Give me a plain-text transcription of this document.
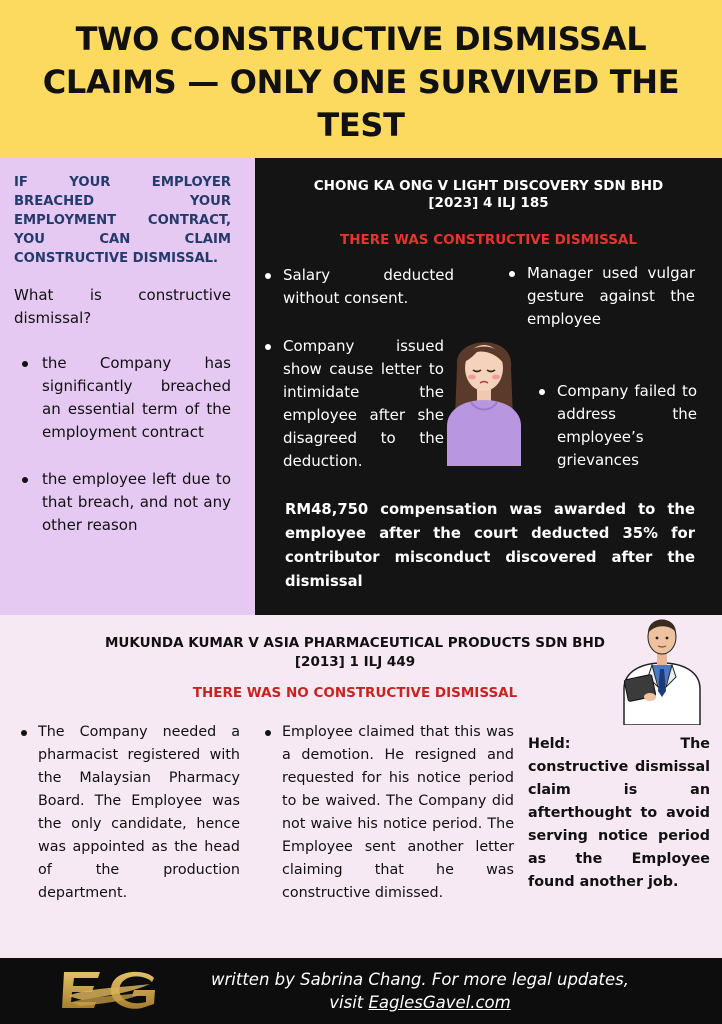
TWO CONSTRUCTIVE DISMISSAL CLAIMS — ONLY ONE SURVIVED THE TEST

IF YOUR EMPLOYER BREACHED YOUR EMPLOYMENT CONTRACT, YOU CAN CLAIM CONSTRUCTIVE DISMISSAL.

What is constructive dismissal?

the Company has significantly breached an essential term of the employment contract
the employee left due to that breach, and not any other reason
CHONG KA ONG V LIGHT DISCOVERY SDN BHD
[2023] 4 ILJ 185
THERE WAS CONSTRUCTIVE DISMISSAL
Salary deducted without consent.
Company issued show cause letter to intimidate the employee after she disagreed to the deduction.
Manager used vulgar gesture against the employee
Company failed to address the employee’s grievances

RM48,750 compensation was awarded to the employee after the court deducted 35% for contributor misconduct discovered after the dismissal

MUKUNDA KUMAR V ASIA PHARMACEUTICAL PRODUCTS SDN BHD
[2013] 1 ILJ 449
THERE WAS NO CONSTRUCTIVE DISMISSAL
The Company needed a pharmacist registered with the Malaysian Pharmacy Board. The Employee was the only candidate, hence was appointed as the head of the production department.
Employee claimed that this was a demotion. He resigned and requested for his notice period to be waived. The Company did not waive his notice period. The Employee sent another letter claiming that he was constructive dimissed.

Held: The constructive dismissal claim is an afterthought to avoid serving notice period as the Employee found another job.

written by Sabrina Chang. For more legal updates,
visit EaglesGavel.com
